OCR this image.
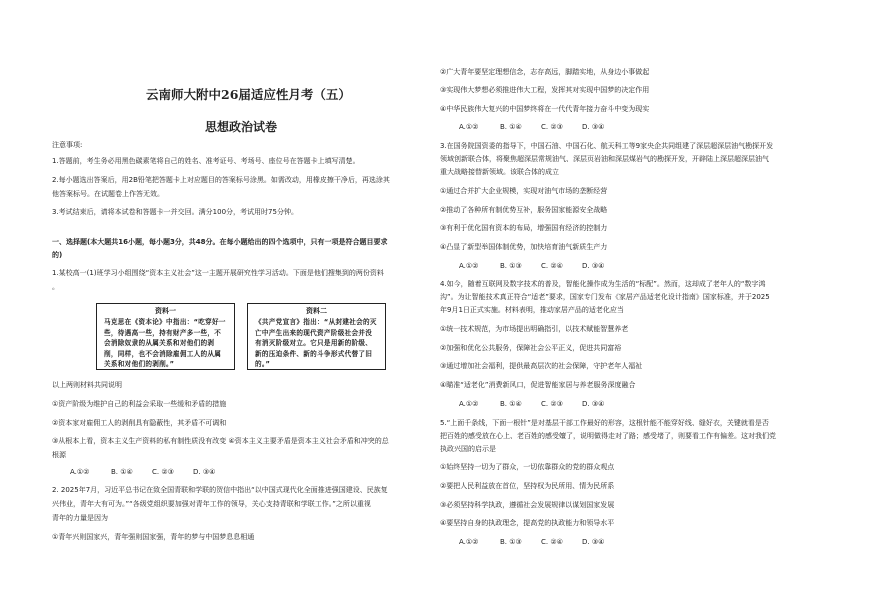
云南师大附中26届适应性月考（五）
思想政治试卷
注意事项:
1.答题前，考生务必用黑色碳素笔将自己的姓名、准考证号、考场号、座位号在答题卡上填写清楚。
2.每小题选出答案后，用2B铅笔把答题卡上对应题目的答案标号涂黑。如需改动，用橡皮擦干净后，再选涂其
他答案标号。在试题卷上作答无效。
3.考试结束后，请将本试卷和答题卡一并交回。满分100分，考试用时75分钟。
一、选择题(本大题共16小题，每小题3分，共48分。在每小题给出的四个选项中，只有一项是符合题目要求
的)
1.某校高一(1)班学习小组围绕“资本主义社会”这一主题开展研究性学习活动。下面是他们搜集到的两份资料
。
资料一
马克思在《资本论》中指出：“吃穿好一些，待遇高一些，持有财产多一些，不会消除奴隶的从属关系和对他们的剥削，同样，也不会消除雇佣工人的从属关系和对他们的剥削。”
资料二
《共产党宣言》指出：“从封建社会的灭亡中产生出来的现代资产阶级社会并没有消灭阶级对立。它只是用新的阶级、新的压迫条件、新的斗争形式代替了旧的。”
以上两则材料共同说明
①资产阶级为维护自己的利益会采取一些缓和矛盾的措施
②资本家对雇佣工人的剥削具有隐蔽性，其矛盾不可调和
③从根本上看，资本主义生产资料的私有制性质没有改变 ④资本主义主要矛盾是资本主义社会矛盾和冲突的总
根源
A.①②	B. ①④	C. ②③	D. ③④
2. 2025年7月，习近平总书记在致全国青联和学联的贺信中指出“以中国式现代化全面推进强国建设、民族复
兴伟业，青年大有可为。”“各级党组织要加强对青年工作的领导，关心支持青联和学联工作。”之所以重视
青年的力量是因为
①青年兴则国家兴，青年强则国家强，青年的梦与中国梦息息相通
②广大青年要坚定理想信念，志存高远，脚踏实地，从身边小事做起
③实现伟大梦想必须推进伟大工程，发挥其对实现中国梦的决定作用
④中华民族伟大复兴的中国梦终将在一代代青年接力奋斗中变为现实
A.①②	B. ①④	C. ②③	D. ③④
3.在国务院国资委的指导下，中国石油、中国石化、航天科工等9家央企共同组建了深层超深层油气勘探开发
领域创新联合体，将聚焦超深层常规油气、深层页岩油和深层煤岩气的勘探开发，开辟陆上深层超深层油气
重大战略接替新领域。该联合体的成立
①通过合并扩大企业规模，实现对油气市场的垄断经营
②推动了各种所有制优势互补，服务国家能源安全战略
③有利于优化国有资本的布局，增强国有经济的控制力
④凸显了新型举国体制优势，加快培育油气新质生产力
A.①②	B. ①③	C. ②④	D. ③④
4.如今，随着互联网及数字技术的普及，智能化操作成为生活的“标配”。然而，这却成了老年人的“数字鸿
沟”。为让智能技术真正符合“适老”要求，国家专门发布《家居产品适老化设计指南》国家标准，并于2025
年9月1日正式实施。材料表明，推动家居产品的适老化应当
①统一技术规范，为市场提出明确指引，以技术赋能智慧养老
②加强和优化公共服务，保障社会公平正义，促进共同富裕
③通过增加社会福利，提供最高层次的社会保障，守护老年人福祉
④瞄准“适老化”消费新风口，促进智能家居与养老服务深度融合
A.①②	B. ①④	C. ②③	D. ③④
5.“上面千条线，下面一根针”是对基层干部工作最好的形容，这根针能不能穿好线、缝好衣，关键就看是否
把百姓的感受放在心上、老百姓的感受嬗了，说明做得走对了路；感受堵了，则要看工作有偏差。这对我们党
执政兴国的启示是
①始终坚持一切为了群众，一切依靠群众的党的群众观点
②要把人民利益放在首位，坚持权为民所用、情为民所系
③必须坚持科学执政，遵循社会发展规律以谋划国家发展
④要坚持自身的执政理念，提高党的执政能力和领导水平
A.①②	B. ①③	C. ②④	D. ③④
